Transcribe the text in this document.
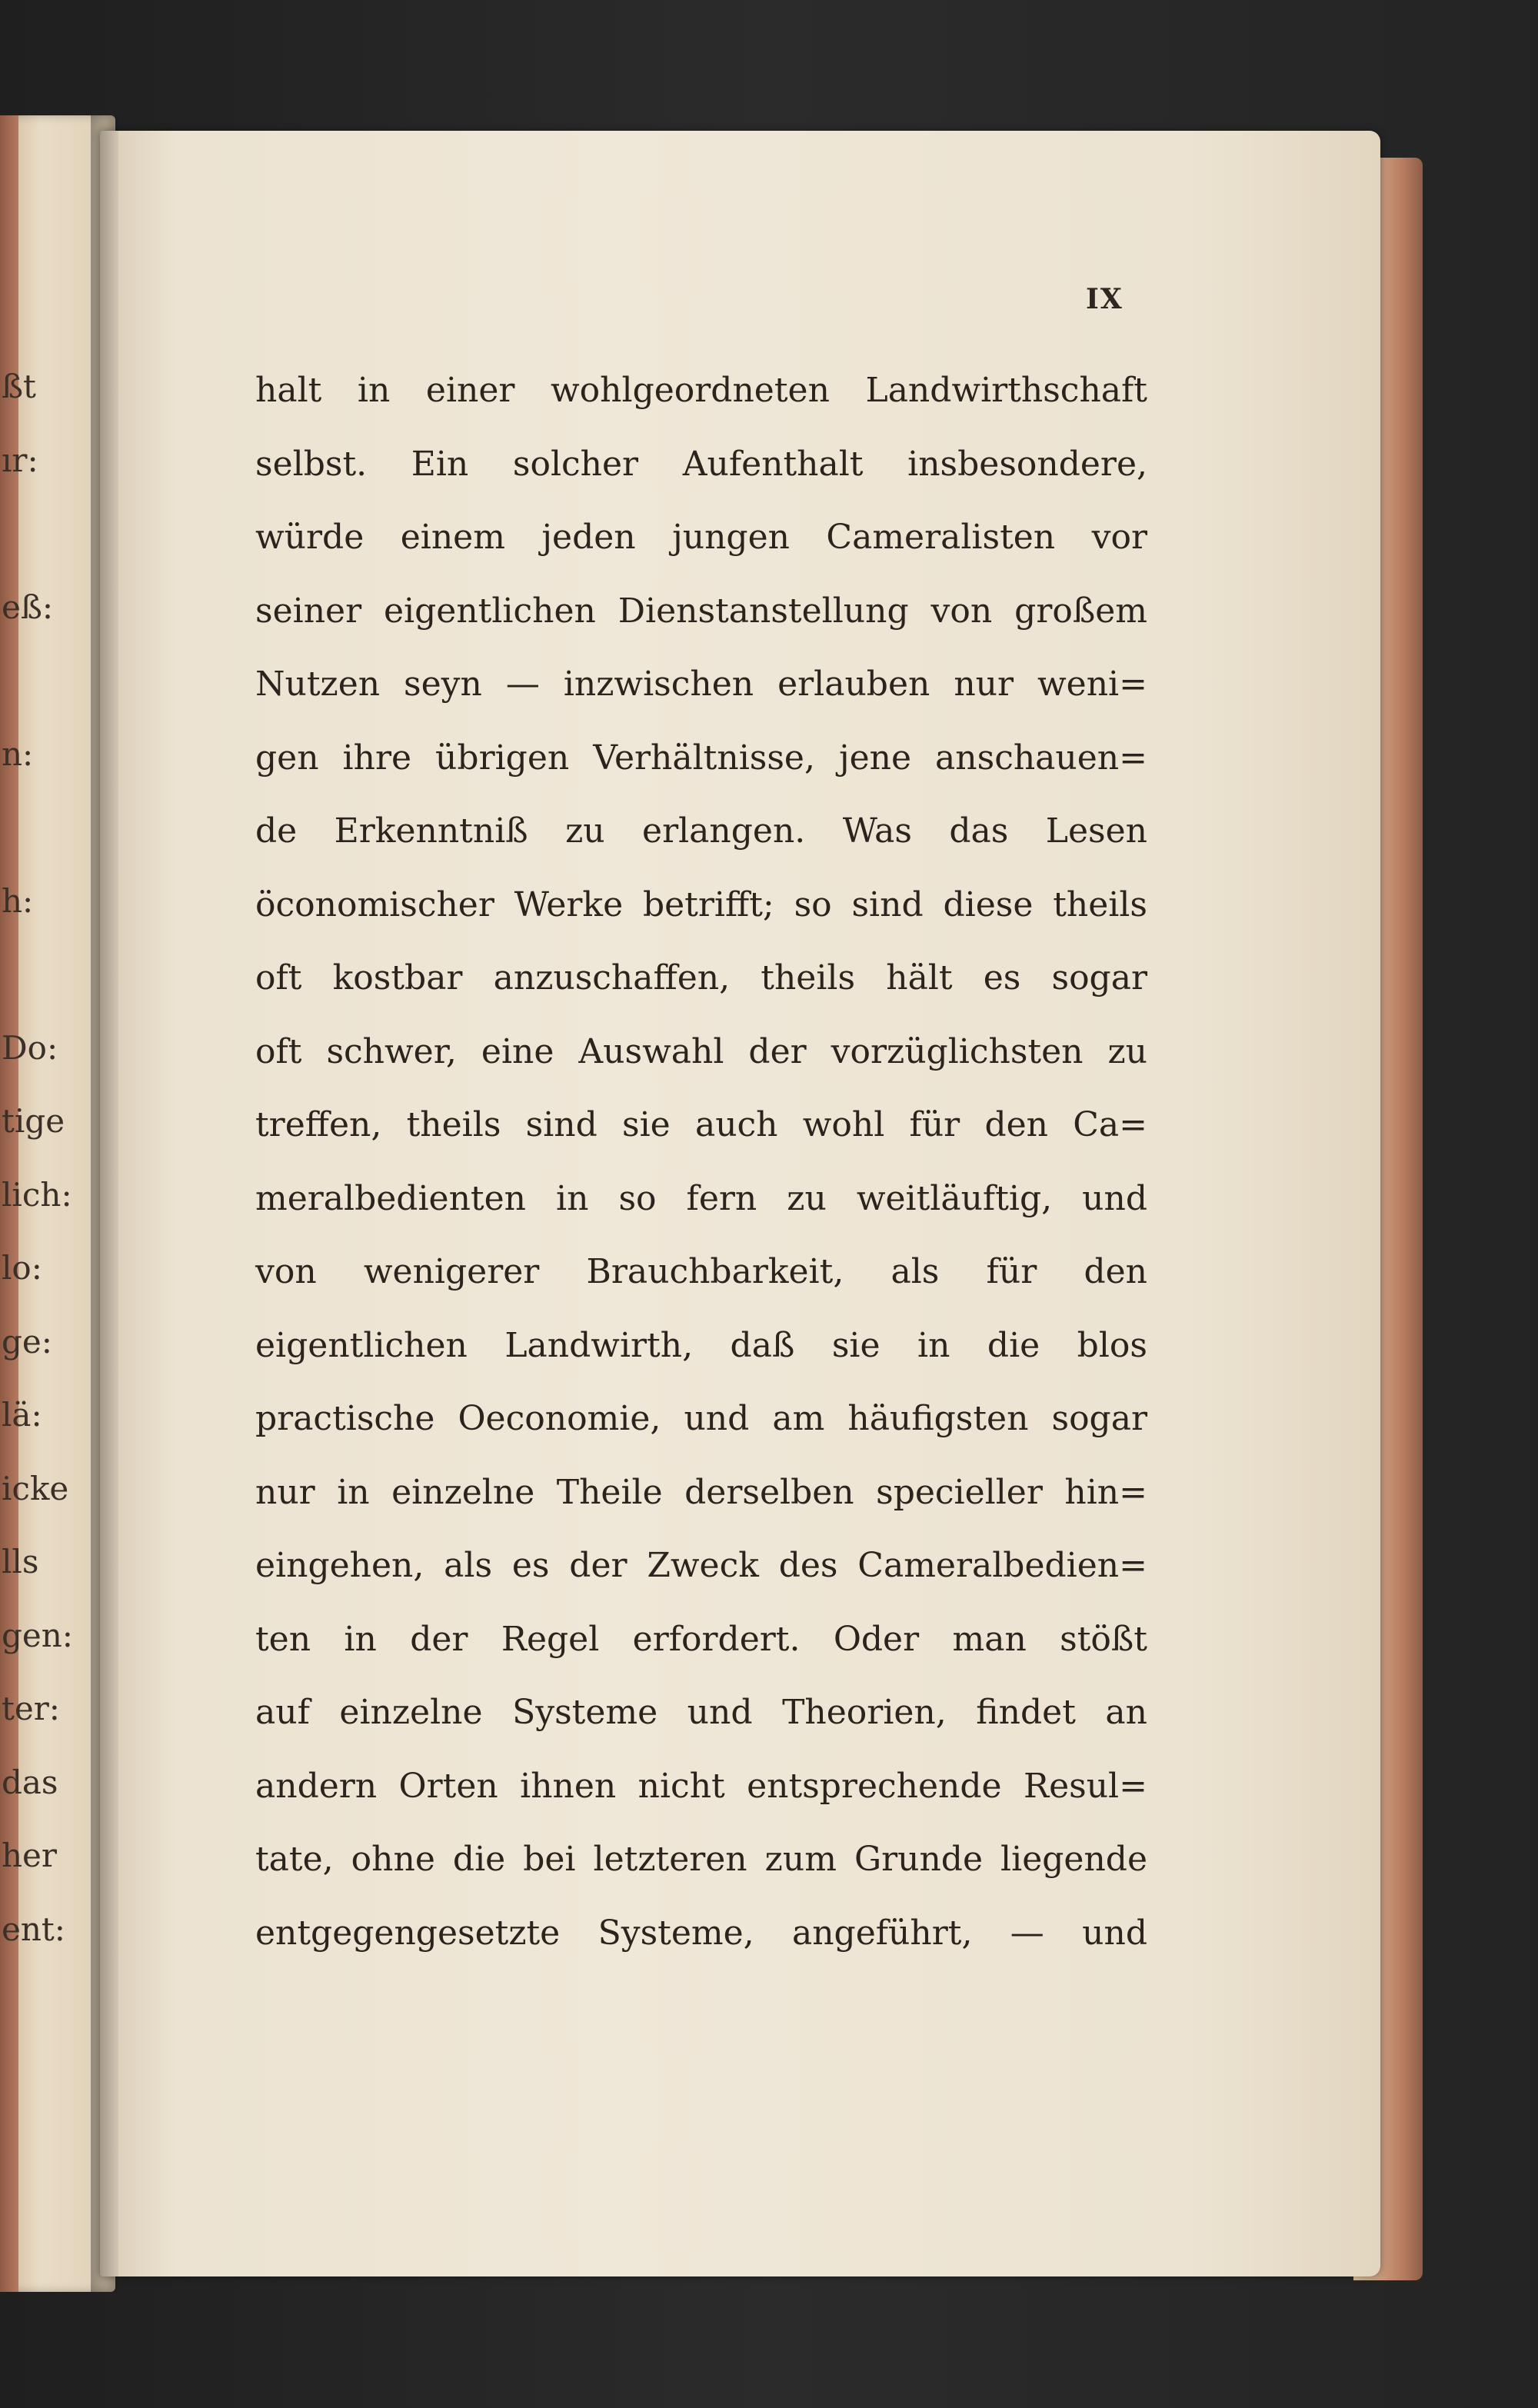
ßt
ır:
eß:
n:
h:
Do:
tige
lich:
lo:
ge:
lä:
icke
lls
gen:
ter:
das
her
ent:
IX
halt in einer wohlgeordneten Landwirthschaft
selbst. Ein solcher Aufenthalt insbesondere,
würde einem jeden jungen Cameralisten vor
seiner eigentlichen Dienstanstellung von großem
Nutzen seyn — inzwischen erlauben nur weni=
gen ihre übrigen Verhältnisse, jene anschauen=
de Erkenntniß zu erlangen. Was das Lesen
öconomischer Werke betrifft; so sind diese theils
oft kostbar anzuschaffen, theils hält es sogar
oft schwer, eine Auswahl der vorzüglichsten zu
treffen, theils sind sie auch wohl für den Ca=
meralbedienten in so fern zu weitläuftig, und
von wenigerer Brauchbarkeit, als für den
eigentlichen Landwirth, daß sie in die blos
practische Oeconomie, und am häufigsten sogar
nur in einzelne Theile derselben specieller hin=
eingehen, als es der Zweck des Cameralbedien=
ten in der Regel erfordert. Oder man stößt
auf einzelne Systeme und Theorien, findet an
andern Orten ihnen nicht entsprechende Resul=
tate, ohne die bei letzteren zum Grunde liegende
entgegengesetzte Systeme, angeführt, — und
